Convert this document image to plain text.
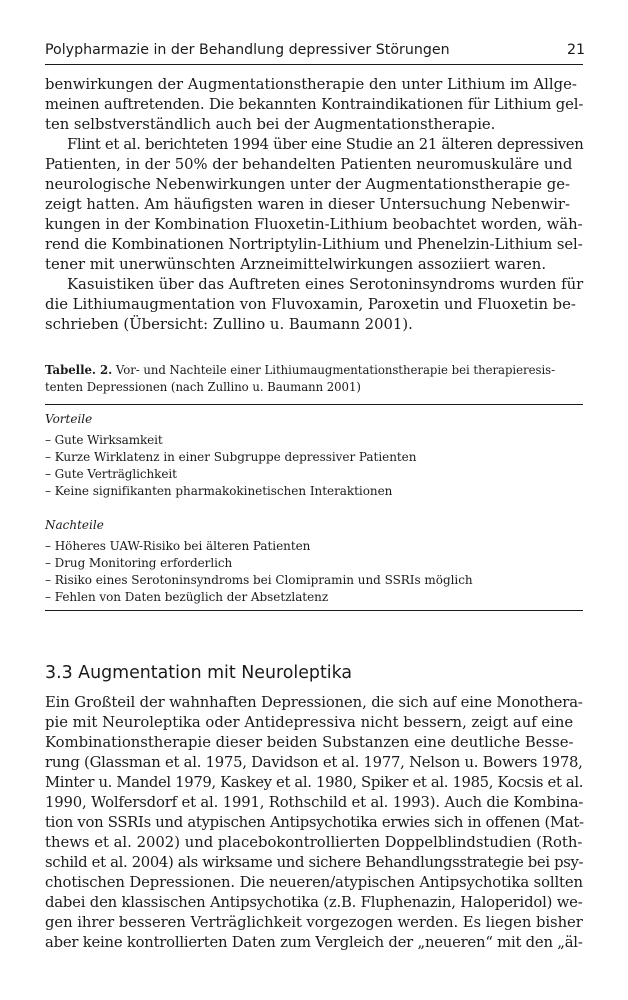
Polypharmazie in der Behandlung depressiver Störungen	21
benwirkungen der Augmentationstherapie den unter Lithium im Allge-
meinen auftretenden. Die bekannten Kontraindikationen für Lithium gel-
ten selbstverständlich auch bei der Augmentationstherapie.
Flint et al. berichteten 1994 über eine Studie an 21 älteren depressiven
Patienten, in der 50% der behandelten Patienten neuromuskuläre und
neurologische Nebenwirkungen unter der Augmentationstherapie ge-
zeigt hatten. Am häufigsten waren in dieser Untersuchung Nebenwir-
kungen in der Kombination Fluoxetin-Lithium beobachtet worden, wäh-
rend die Kombinationen Nortriptylin-Lithium und Phenelzin-Lithium sel-
tener mit unerwünschten Arzneimittelwirkungen assoziiert waren.
Kasuistiken über das Auftreten eines Serotoninsyndroms wurden für
die Lithiumaugmentation von Fluvoxamin, Paroxetin und Fluoxetin be-
schrieben (Übersicht: Zullino u. Baumann 2001).
Tabelle. 2. Vor- und Nachteile einer Lithiumaugmentationstherapie bei therapieresis-
tenten Depressionen (nach Zullino u. Baumann 2001)
Vorteile
– Gute Wirksamkeit
– Kurze Wirklatenz in einer Subgruppe depressiver Patienten
– Gute Verträglichkeit
– Keine signifikanten pharmakokinetischen Interaktionen
Nachteile
– Höheres UAW-Risiko bei älteren Patienten
– Drug Monitoring erforderlich
– Risiko eines Serotoninsyndroms bei Clomipramin und SSRIs möglich
– Fehlen von Daten bezüglich der Absetzlatenz
3.3 Augmentation mit Neuroleptika
Ein Großteil der wahnhaften Depressionen, die sich auf eine Monothera-
pie mit Neuroleptika oder Antidepressiva nicht bessern, zeigt auf eine
Kombinationstherapie dieser beiden Substanzen eine deutliche Besse-
rung (Glassman et al. 1975, Davidson et al. 1977, Nelson u. Bowers 1978,
Minter u. Mandel 1979, Kaskey et al. 1980, Spiker et al. 1985, Kocsis et al.
1990, Wolfersdorf et al. 1991, Rothschild et al. 1993). Auch die Kombina-
tion von SSRIs und atypischen Antipsychotika erwies sich in offenen (Mat-
thews et al. 2002) und placebokontrollierten Doppelblindstudien (Roth-
schild et al. 2004) als wirksame und sichere Behandlungsstrategie bei psy-
chotischen Depressionen. Die neueren/atypischen Antipsychotika sollten
dabei den klassischen Antipsychotika (z.B. Fluphenazin, Haloperidol) we-
gen ihrer besseren Verträglichkeit vorgezogen werden. Es liegen bisher
aber keine kontrollierten Daten zum Vergleich der „neueren“ mit den „äl-
